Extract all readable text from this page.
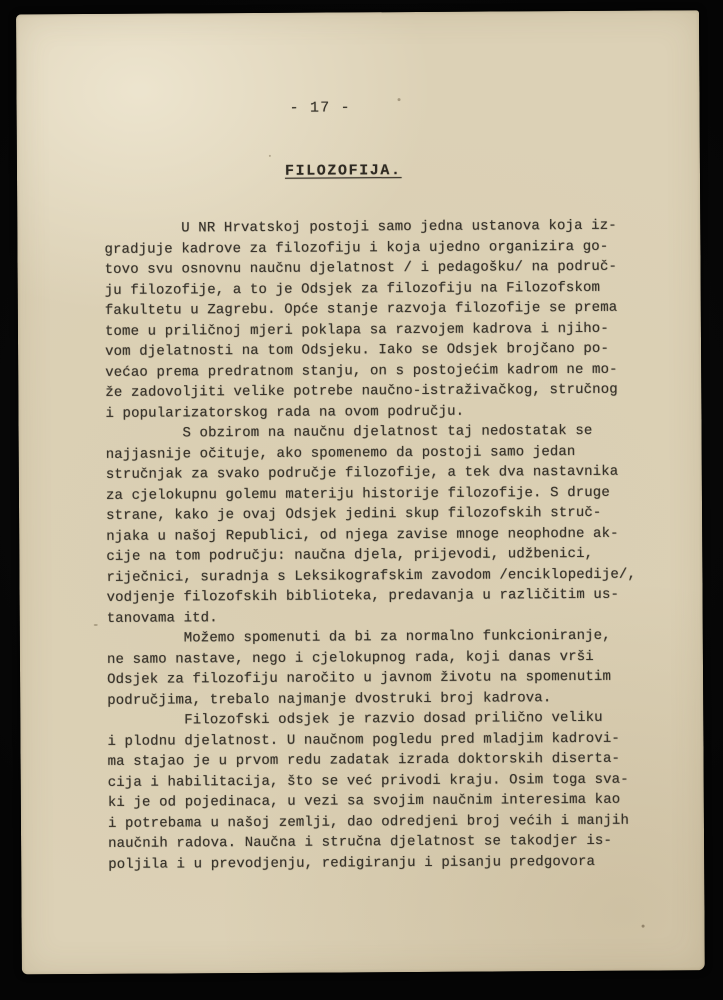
- 17 -
FILOZOFIJA.
U NR Hrvatskoj postoji samo jedna ustanova koja iz-
gradjuje kadrove za filozofiju i koja ujedno organizira go-
tovo svu osnovnu naučnu djelatnost / i pedagošku/ na područ-
ju filozofije, a to je Odsjek za filozofiju na Filozofskom
fakultetu u Zagrebu. Opće stanje razvoja filozofije se prema
tome u priličnoj mjeri poklapa sa razvojem kadrova i njiho-
vom djelatnosti na tom Odsjeku. Iako se Odsjek brojčano po-
većao prema predratnom stanju, on s postojećim kadrom ne mo-
že zadovoljiti velike potrebe naučno-istraživačkog, stručnog
i popularizatorskog rada na ovom području.
S obzirom na naučnu djelatnost taj nedostatak se
najjasnije očituje, ako spomenemo da postoji samo jedan
stručnjak za svako područje filozofije, a tek dva nastavnika
za cjelokupnu golemu materiju historije filozofije. S druge
strane, kako je ovaj Odsjek jedini skup filozofskih struč-
njaka u našoj Republici, od njega zavise mnoge neophodne ak-
cije na tom području: naučna djela, prijevodi, udžbenici,
riječnici, suradnja s Leksikografskim zavodom /enciklopedije/,
vodjenje filozofskih biblioteka, predavanja u različitim us-
tanovama itd.
Možemo spomenuti da bi za normalno funkcioniranje,
ne samo nastave, nego i cjelokupnog rada, koji danas vrši
Odsjek za filozofiju naročito u javnom životu na spomenutim
područjima, trebalo najmanje dvostruki broj kadrova.
Filozofski odsjek je razvio dosad prilično veliku
i plodnu djelatnost. U naučnom pogledu pred mladjim kadrovi-
ma stajao je u prvom redu zadatak izrada doktorskih diserta-
cija i habilitacija, što se već privodi kraju. Osim toga sva-
ki je od pojedinaca, u vezi sa svojim naučnim interesima kao
i potrebama u našoj zemlji, dao odredjeni broj većih i manjih
naučnih radova. Naučna i stručna djelatnost se takodjer is-
poljila i u prevodjenju, redigiranju i pisanju predgovora
